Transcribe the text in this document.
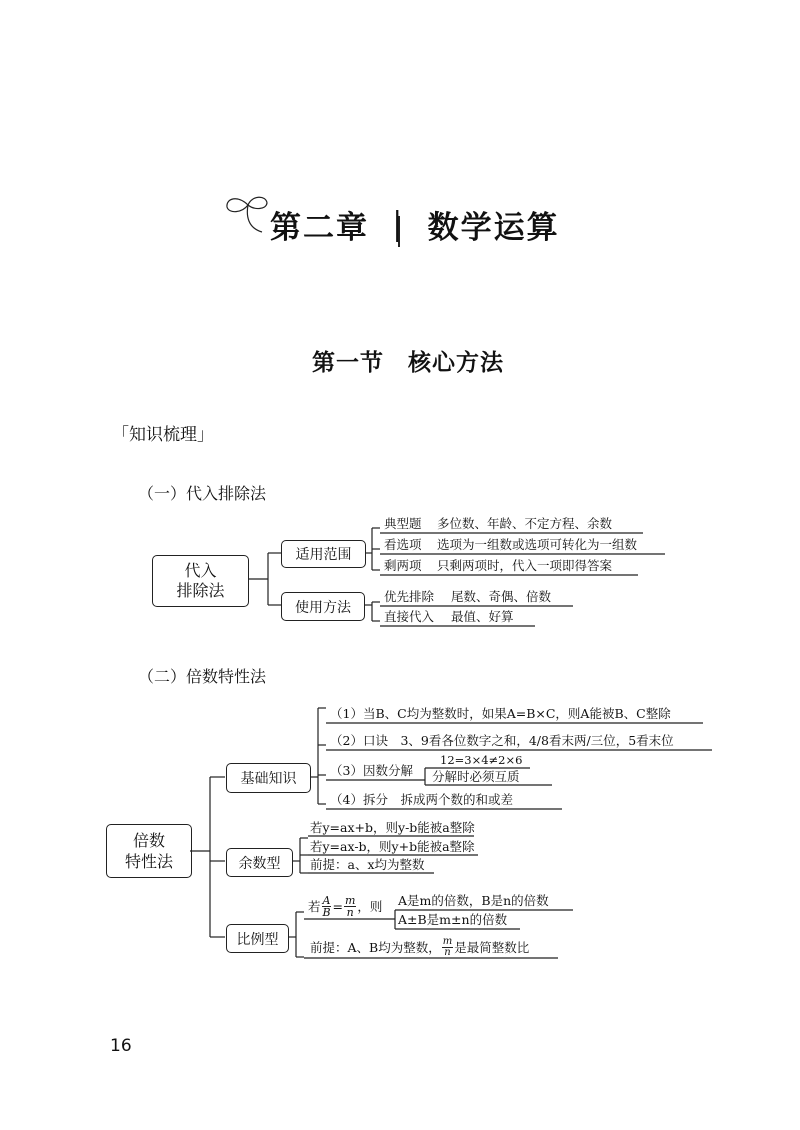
第二章 ｜ 数学运算
第一节　核心方法
「知识梳理」
（一）代入排除法
代入
排除法
适用范围
使用方法
典型题 多位数、年龄、不定方程、余数
看选项 选项为一组数或选项可转化为一组数
剩两项 只剩两项时，代入一项即得答案
优先排除 尾数、奇偶、倍数
直接代入 最值、好算
（二）倍数特性法
倍数
特性法
基础知识
余数型
比例型
（1）当B、C均为整数时，如果A=B×C，则A能被B、C整除
（2）口诀　3、9看各位数字之和，4/8看末两/三位，5看末位
（3）因数分解
12=3×4≠2×6
分解时必须互质
（4）拆分　拆成两个数的和或差
若y=ax+b，则y-b能被a整除
若y=ax-b，则y+b能被a整除
前提：a、x均为整数
若 $\frac{A}{B} = \frac{m}{n}$ ，则 A是m的倍数，B是n的倍数
A±B是m±n的倍数
前提：A、B均为整数， $\frac{m}{n}$ 是最简整数比
16
